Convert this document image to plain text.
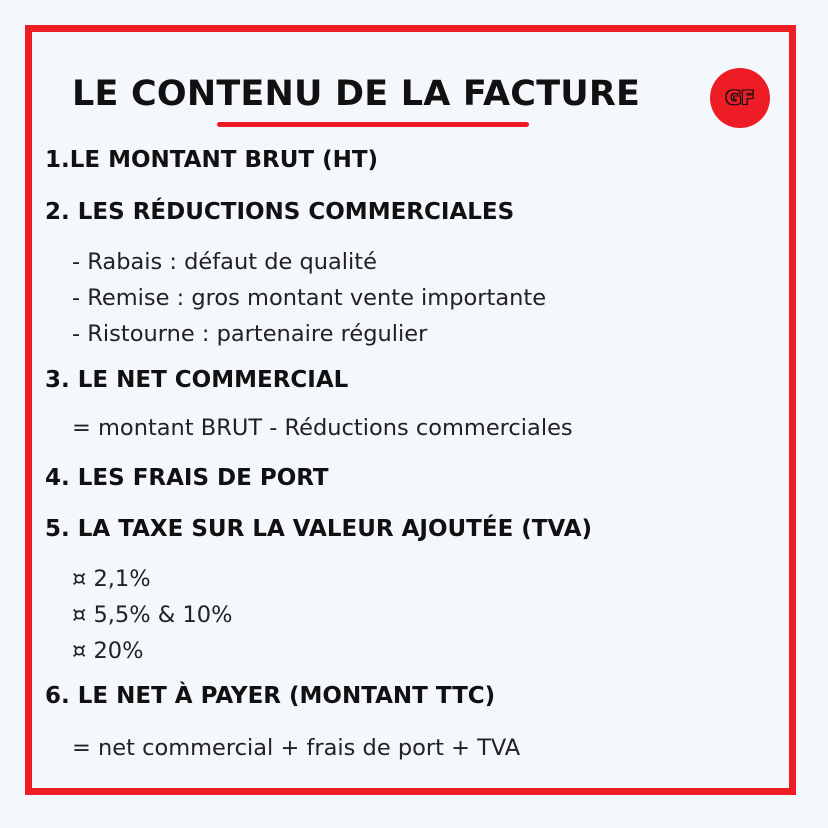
LE CONTENU DE LA FACTURE	GF
1.LE MONTANT BRUT (HT)
2. LES RÉDUCTIONS COMMERCIALES
- Rabais : défaut de qualité
- Remise : gros montant vente importante
- Ristourne : partenaire régulier
3. LE NET COMMERCIAL
= montant BRUT - Réductions commerciales
4. LES FRAIS DE PORT
5. LA TAXE SUR LA VALEUR AJOUTÉE (TVA)
¤ 2,1%
¤ 5,5% & 10%
¤ 20%
6. LE NET À PAYER (MONTANT TTC)
= net commercial + frais de port + TVA
